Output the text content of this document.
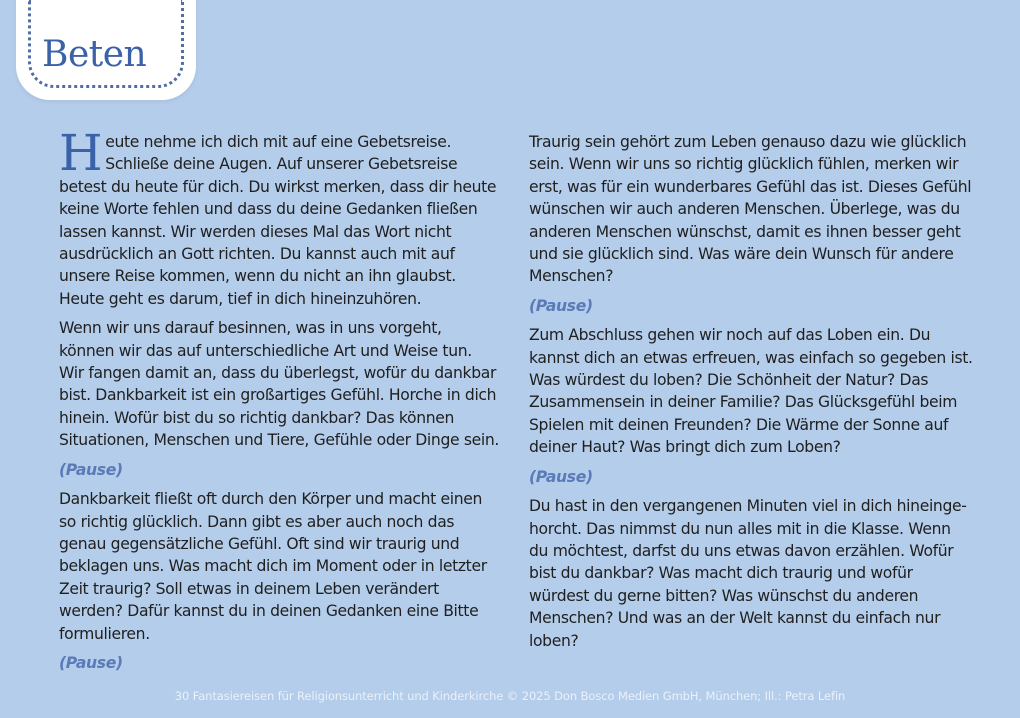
Beten

Heute nehme ich dich mit auf eine Gebetsreise. Schließe deine Augen. Auf unserer Gebetsreise betest du heute für dich. Du wirkst merken, dass dir heute keine Worte fehlen und dass du deine Gedanken fließen lassen kannst. Wir werden dieses Mal das Wort nicht ausdrücklich an Gott richten. Du kannst auch mit auf unsere Reise kommen, wenn du nicht an ihn glaubst. Heute geht es darum, tief in dich hineinzuhören.

Wenn wir uns darauf besinnen, was in uns vorgeht, können wir das auf unterschiedliche Art und Weise tun. Wir fangen damit an, dass du überlegst, wofür du dankbar bist. Dankbarkeit ist ein großartiges Gefühl. Horche in dich hinein. Wofür bist du so richtig dankbar? Das können Situationen, Menschen und Tiere, Gefühle oder Dinge sein.

(Pause)

Dankbarkeit fließt oft durch den Körper und macht einen so richtig glücklich. Dann gibt es aber auch noch das genau gegensätzliche Gefühl. Oft sind wir traurig und beklagen uns. Was macht dich im Moment oder in letzter Zeit traurig? Soll etwas in deinem Leben verändert werden? Dafür kannst du in deinen Gedanken eine Bitte formulieren.

(Pause)

Traurig sein gehört zum Leben genauso dazu wie glücklich sein. Wenn wir uns so richtig glücklich fühlen, merken wir erst, was für ein wunderbares Gefühl das ist. Dieses Gefühl wünschen wir auch anderen Menschen. Überlege, was du anderen Menschen wünschst, damit es ihnen besser geht und sie glücklich sind. Was wäre dein Wunsch für andere Menschen?

(Pause)

Zum Abschluss gehen wir noch auf das Loben ein. Du kannst dich an etwas erfreuen, was einfach so gegeben ist. Was würdest du loben? Die Schönheit der Natur? Das Zusammensein in deiner Familie? Das Glücksgefühl beim Spielen mit deinen Freunden? Die Wärme der Sonne auf deiner Haut? Was bringt dich zum Loben?

(Pause)

Du hast in den vergangenen Minuten viel in dich hineingehorcht. Das nimmst du nun alles mit in die Klasse. Wenn du möchtest, darfst du uns etwas davon erzählen. Wofür bist du dankbar? Was macht dich traurig und wofür würdest du gerne bitten? Was wünschst du anderen Menschen? Und was an der Welt kannst du einfach nur loben?

30 Fantasiereisen für Religionsunterricht und Kinderkirche © 2025 Don Bosco Medien GmbH, München; Ill.: Petra Lefin
